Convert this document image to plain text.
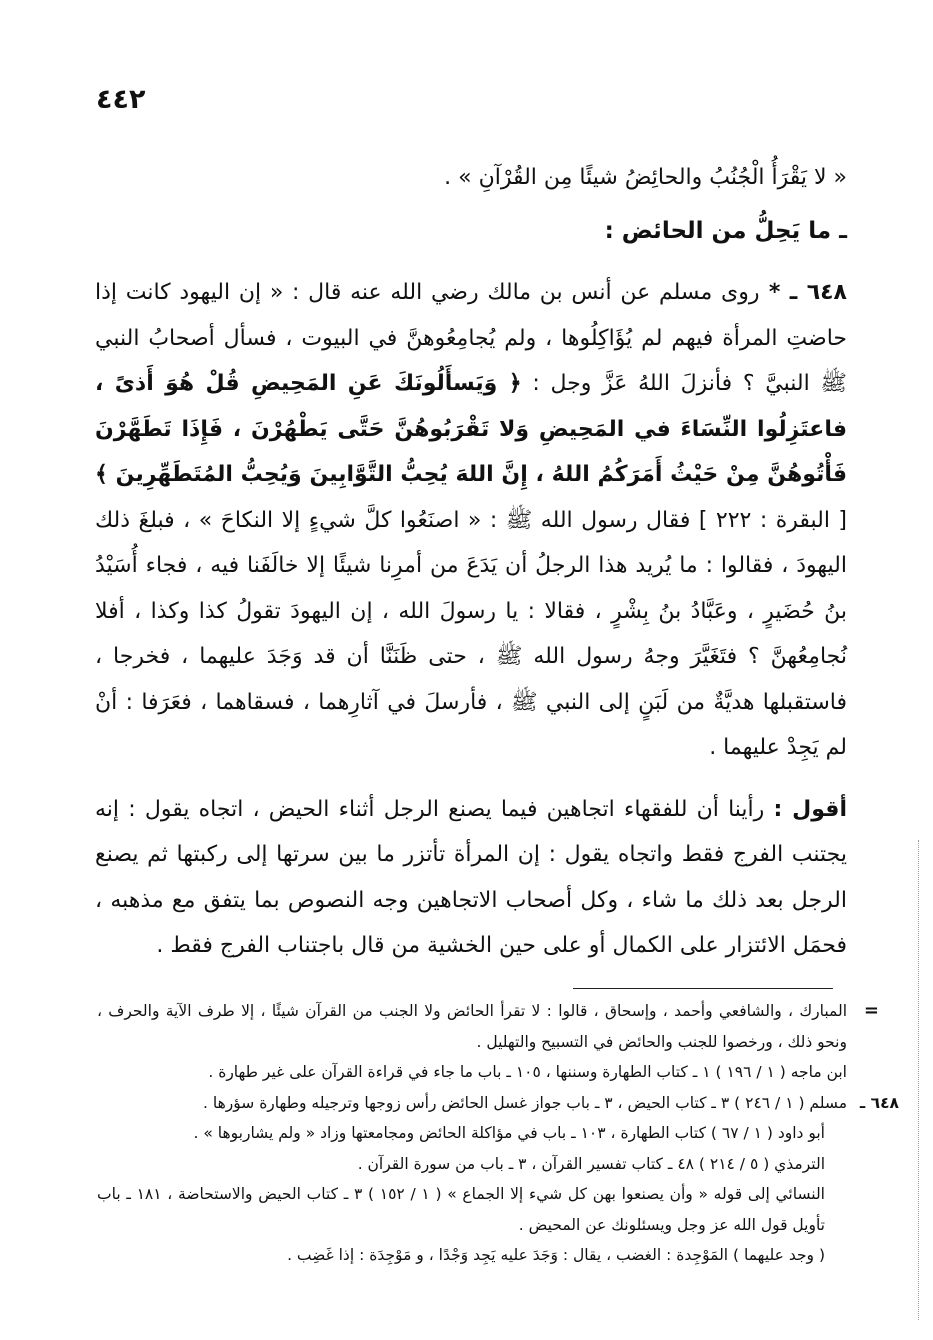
٤٤٢

« لا يَقْرَأُ الْجُنُبُ والحائِضُ شيئًا مِن القُرْآنِ » .

ـ ما يَحِلُّ من الحائض :

٦٤٨ ـ * روى مسلم عن أنس بن مالك رضي الله عنه قال : « إن اليهود كانت إذا حاضتِ المرأة فيهم لم يُؤَاكِلُوها ، ولم يُجامِعُوهنَّ في البيوت ، فسأل أصحابُ النبي ﷺ النبيَّ ؟ فأنزلَ اللهُ عَزَّ وجل : ﴿ وَيَسأَلُونَكَ عَنِ المَحِيضِ قُلْ هُوَ أَذىً ، فاعتَزِلُوا النِّسَاءَ في المَحِيضِ وَلا تَقْرَبُوهُنَّ حَتَّى يَطْهُرْنَ ، فَإِذَا تَطَهَّرْنَ فَأْتُوهُنَّ مِنْ حَيْثُ أَمَرَكُمُ اللهُ ، إِنَّ اللهَ يُحِبُّ التَّوَّابِينَ وَيُحِبُّ المُتَطَهِّرِينَ ﴾ [ البقرة : ٢٢٢ ] فقال رسول الله ﷺ : « اصنَعُوا كلَّ شيءٍ إلا النكاحَ » ، فبلغَ ذلك اليهودَ ، فقالوا : ما يُريد هذا الرجلُ أن يَدَعَ من أمرِنا شيئًا إلا خالَفَنا فيه ، فجاء أُسَيْدُ بنُ حُضَيرٍ ، وعَبَّادُ بنُ بِشْرٍ ، فقالا : يا رسولَ الله ، إن اليهودَ تقولُ كذا وكذا ، أفلا نُجامِعُهنَّ ؟ فتَغَيَّرَ وجهُ رسول الله ﷺ ، حتى ظَنَنَّا أن قد وَجَدَ عليهما ، فخرجا ، فاستقبلها هديَّةٌ من لَبَنٍ إلى النبي ﷺ ، فأرسلَ في آثارِهما ، فسقاهما ، فعَرَفا : أنْ لم يَجِدْ عليهما .

أقول : رأينا أن للفقهاء اتجاهين فيما يصنع الرجل أثناء الحيض ، اتجاه يقول : إنه يجتنب الفرج فقط واتجاه يقول : إن المرأة تأتزر ما بين سرتها إلى ركبتها ثم يصنع الرجل بعد ذلك ما شاء ، وكل أصحاب الاتجاهين وجه النصوص بما يتفق مع مذهبه ، فحمَل الائتزار على الكمال أو على حين الخشية من قال باجتناب الفرج فقط .

=
المبارك ، والشافعي وأحمد ، وإسحاق ، قالوا : لا تقرأ الحائض ولا الجنب من القرآن شيئًا ، إلا طرف الآية والحرف ، ونحو ذلك ، ورخصوا للجنب والحائض في التسبيح والتهليل .

ابن ماجه ( ١ / ١٩٦ ) ١ ـ كتاب الطهارة وسننها ، ١٠٥ ـ باب ما جاء في قراءة القرآن على غير طهارة .

٦٤٨ ـ
مسلم ( ١ / ٢٤٦ ) ٣ ـ كتاب الحيض ، ٣ ـ باب جواز غسل الحائض رأس زوجها وترجيله وطهارة سؤرها .

أبو داود ( ١ / ٦٧ ) كتاب الطهارة ، ١٠٣ ـ باب في مؤاكلة الحائض ومجامعتها وزاد « ولم يشاربوها » .

الترمذي ( ٥ / ٢١٤ ) ٤٨ ـ كتاب تفسير القرآن ، ٣ ـ باب من سورة القرآن .

النسائي إلى قوله « وأن يصنعوا بهن كل شيء إلا الجماع » ( ١ / ١٥٢ ) ٣ ـ كتاب الحيض والاستحاضة ، ١٨١ ـ باب تأويل قول الله عز وجل ويسئلونك عن المحيض .

( وجد عليهما ) المَوْجِدة : الغضب ، يقال : وَجَدَ عليه يَجِد وَجْدًا ، و مَوْجِدَة : إذا غَضِب .
